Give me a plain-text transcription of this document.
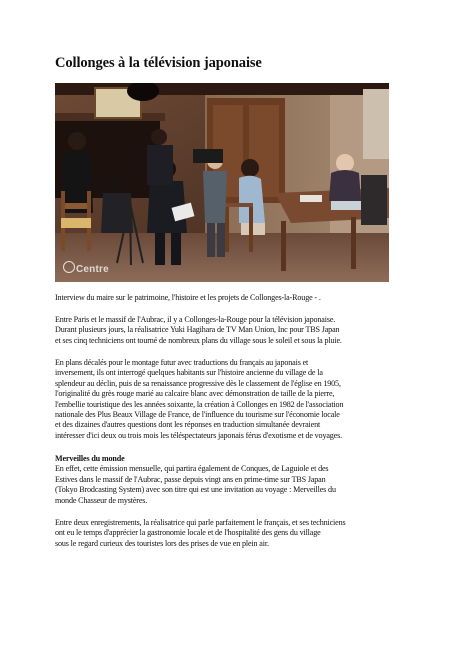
Collonges à la télévision japonaise
Centre
Interview du maire sur le patrimoine, l'histoire et les projets de Collonges-la-Rouge - .
Entre Paris et le massif de l'Aubrac, il y a Collonges-la-Rouge pour la télévision japonaise.
Durant plusieurs jours, la réalisatrice Yuki Hagihara de TV Man Union, Inc pour TBS Japan
et ses cinq techniciens ont tourné de nombreux plans du village sous le soleil et sous la pluie.
En plans décalés pour le montage futur avec traductions du français au japonais et
inversement, ils ont interrogé quelques habitants sur l'histoire ancienne du village de la
splendeur au déclin, puis de sa renaissance progressive dès le classement de l'église en 1905,
l'originalité du grès rouge marié au calcaire blanc avec démonstration de taille de la pierre,
l'embellie touristique des les années soixante, la création à Collonges en 1982 de l'association
nationale des Plus Beaux Village de France, de l'influence du tourisme sur l'économie locale
et des dizaines d'autres questions dont les réponses en traduction simultanée devraient
intéresser d'ici deux ou trois mois les téléspectateurs japonais férus d'exotisme et de voyages.
Merveilles du monde
En effet, cette émission mensuelle, qui partira également de Conques, de Laguiole et des
Estives dans le massif de l'Aubrac, passe depuis vingt ans en prime-time sur TBS Japan
(Tokyo Brodcasting System) avec son titre qui est une invitation au voyage : Merveilles du
monde Chasseur de mystères.
Entre deux enregistrements, la réalisatrice qui parle parfaitement le français, et ses techniciens
ont eu le temps d'apprécier la gastronomie locale et de l'hospitalité des gens du village
sous le regard curieux des touristes lors des prises de vue en plein air.
